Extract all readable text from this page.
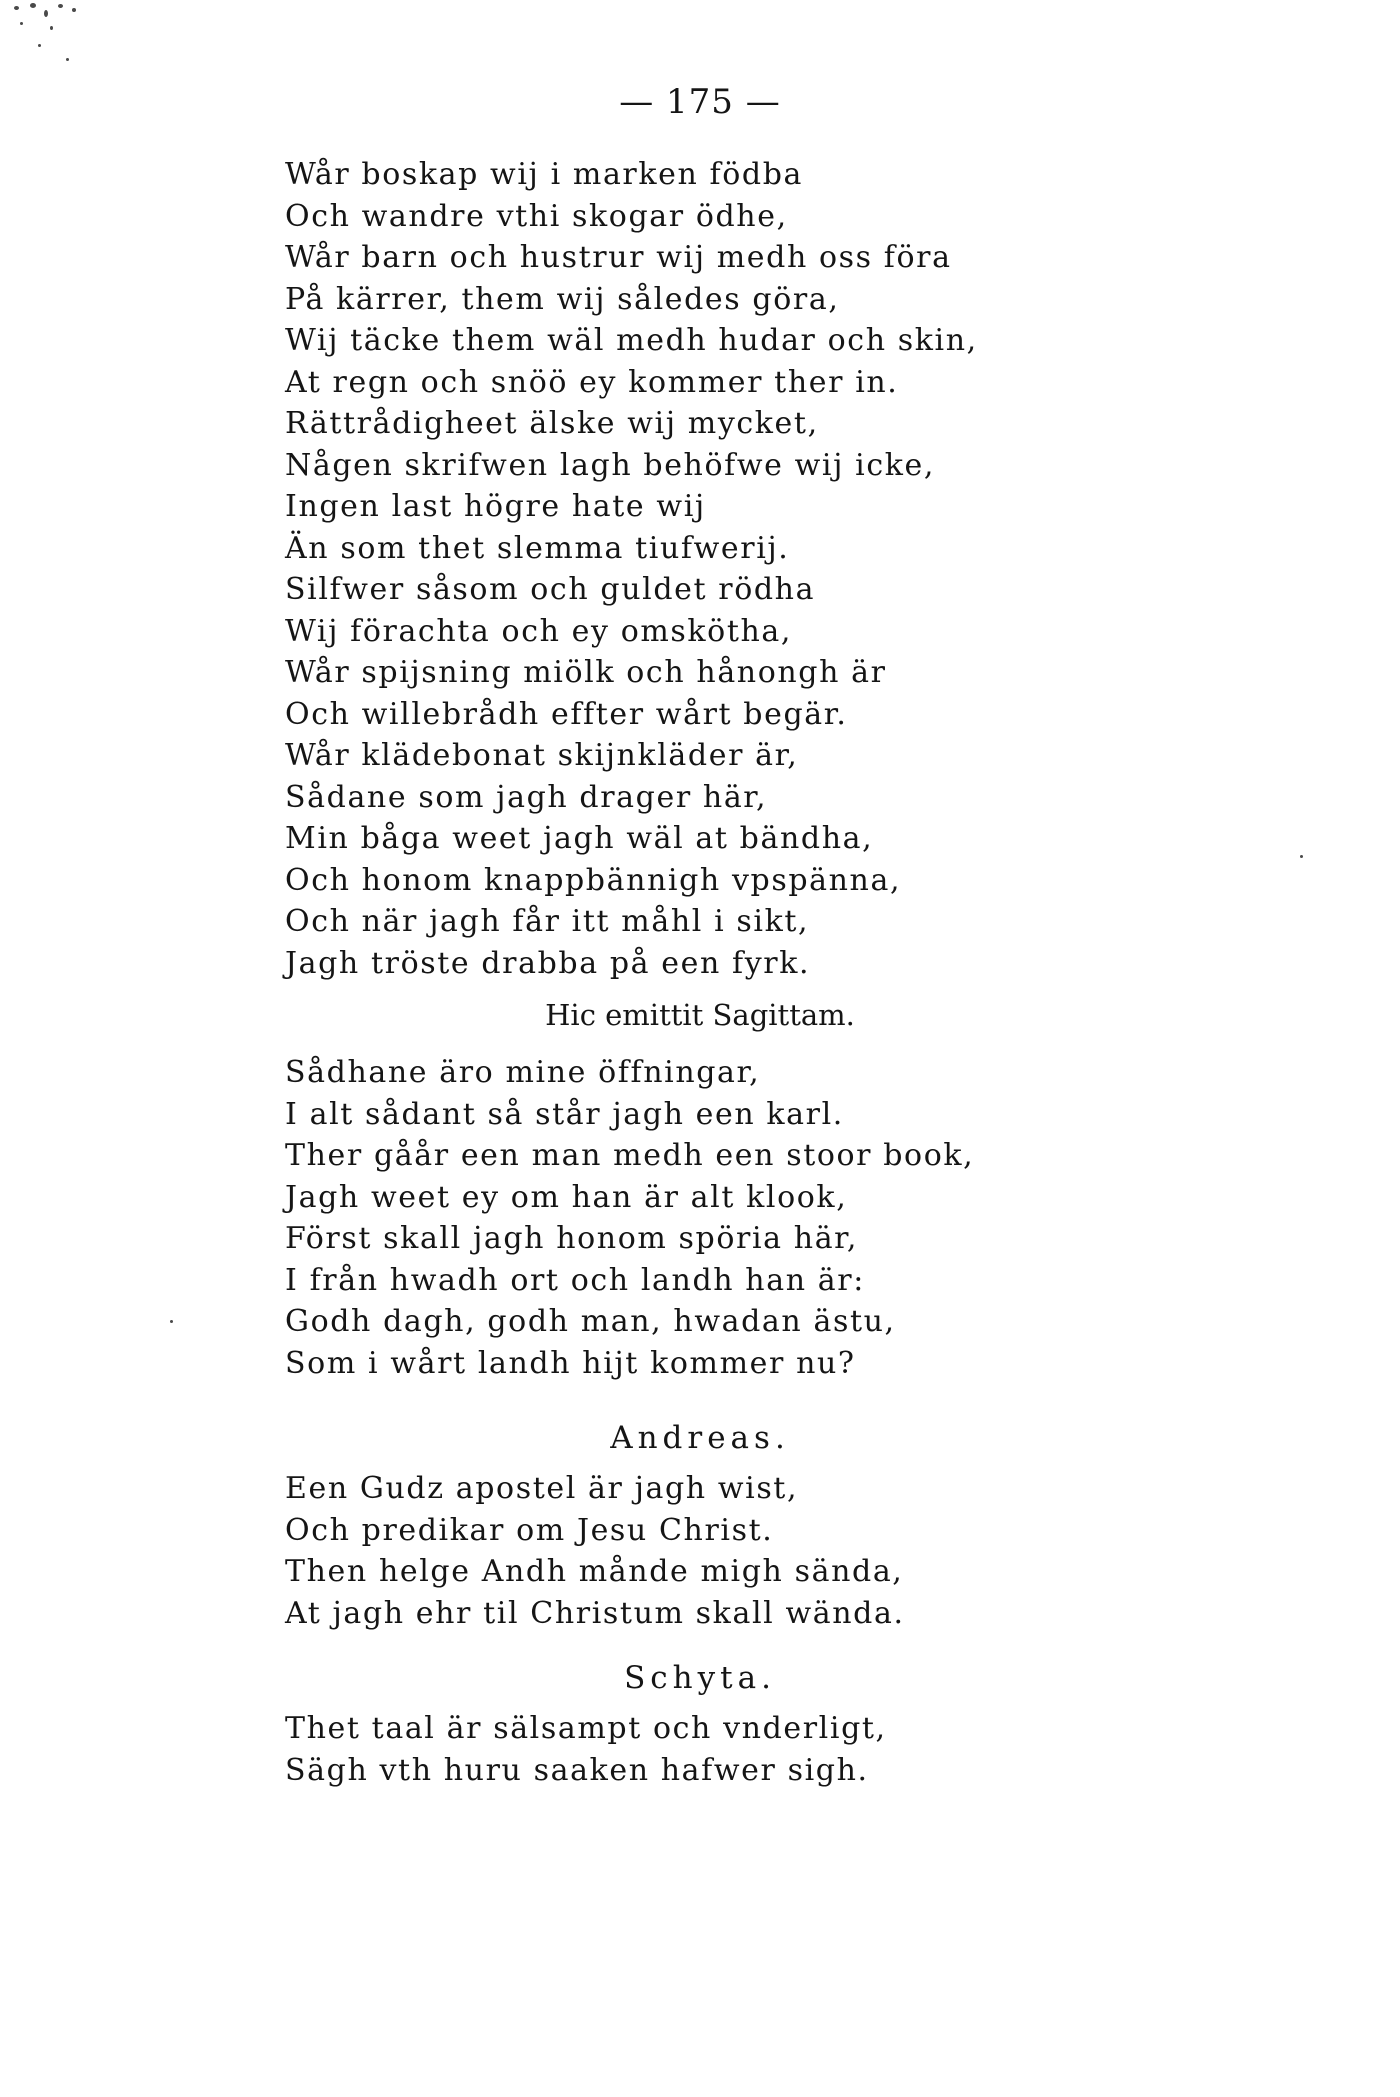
— 175 —
Wår boskap wij i marken födba
Och wandre vthi skogar ödhe,
Wår barn och hustrur wij medh oss föra
På kärrer, them wij således göra,
Wij täcke them wäl medh hudar och skin,
At regn och snöö ey kommer ther in.
Rättrådigheet älske wij mycket,
Någen skrifwen lagh behöfwe wij icke,
Ingen last högre hate wij
Än som thet slemma tiufwerij.
Silfwer såsom och guldet rödha
Wij förachta och ey omskötha,
Wår spijsning miölk och hånongh är
Och willebrådh effter wårt begär.
Wår klädebonat skijnkläder är,
Sådane som jagh drager här,
Min båga weet jagh wäl at bändha,
Och honom knappbännigh vpspänna,
Och när jagh får itt måhl i sikt,
Jagh tröste drabba på een fyrk.
Hic emittit Sagittam.
Sådhane äro mine öffningar,
I alt sådant så står jagh een karl.
Ther gåår een man medh een stoor book,
Jagh weet ey om han är alt klook,
Först skall jagh honom spöria här,
I från hwadh ort och landh han är:
Godh dagh, godh man, hwadan ästu,
Som i wårt landh hijt kommer nu?
Andreas.
Een Gudz apostel är jagh wist,
Och predikar om Jesu Christ.
Then helge Andh månde migh sända,
At jagh ehr til Christum skall wända.
Schyta.
Thet taal är sälsampt och vnderligt,
Sägh vth huru saaken hafwer sigh.
